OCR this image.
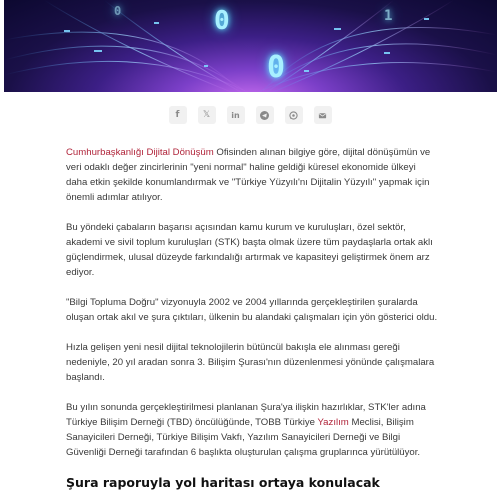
0
0
1
0
f	𝕏	in

Cumhurbaşkanlığı Dijital Dönüşüm Ofisinden alınan bilgiye göre, dijital dönüşümün ve veri odaklı değer zincirlerinin "yeni normal" haline geldiği küresel ekonomide ülkeyi daha etkin şekilde konumlandırmak ve "Türkiye Yüzyılı'nı Dijitalin Yüzyılı" yapmak için önemli adımlar atılıyor.

Bu yöndeki çabaların başarısı açısından kamu kurum ve kuruluşları, özel sektör, akademi ve sivil toplum kuruluşları (STK) başta olmak üzere tüm paydaşlarla ortak aklı güçlendirmek, ulusal düzeyde farkındalığı artırmak ve kapasiteyi geliştirmek önem arz ediyor.

"Bilgi Topluma Doğru" vizyonuyla 2002 ve 2004 yıllarında gerçekleştirilen şuralarda oluşan ortak akıl ve şura çıktıları, ülkenin bu alandaki çalışmaları için yön gösterici oldu.

Hızla gelişen yeni nesil dijital teknolojilerin bütüncül bakışla ele alınması gereği nedeniyle, 20 yıl aradan sonra 3. Bilişim Şurası'nın düzenlenmesi yönünde çalışmalara başlandı.

Bu yılın sonunda gerçekleştirilmesi planlanan Şura'ya ilişkin hazırlıklar, STK'ler adına Türkiye Bilişim Derneği (TBD) öncülüğünde, TOBB Türkiye Yazılım Meclisi, Bilişim Sanayicileri Derneği, Türkiye Bilişim Vakfı, Yazılım Sanayicileri Derneği ve Bilgi Güvenliği Derneği tarafından 6 başlıkta oluşturulan çalışma gruplarınca yürütülüyor.

Şura raporuyla yol haritası ortaya konulacak
